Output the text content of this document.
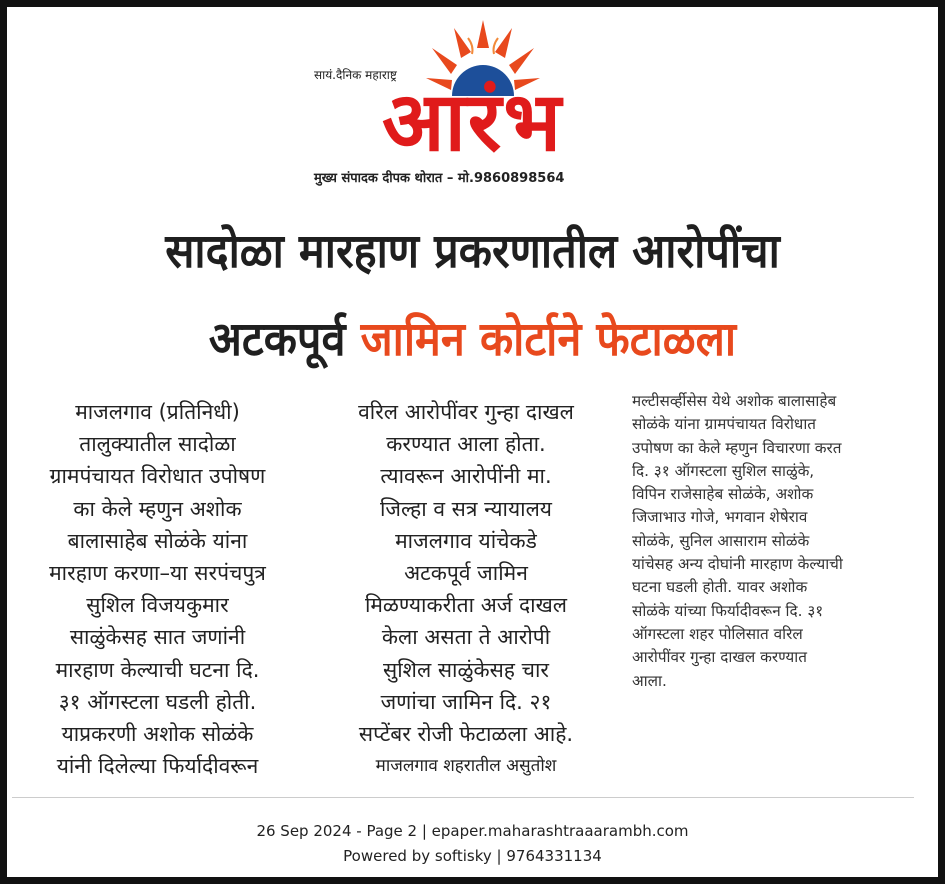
सायं.दैनिक महाराष्ट्र
आरंभ
मुख्य संपादक दीपक थोरात – मो.9860898564
सादोळा मारहाण प्रकरणातील आरोपींचा
अटकपूर्व जामिन कोर्टाने फेटाळला

माजलगाव (प्रतिनिधी)

तालुक्यातील सादोळा

ग्रामपंचायत विरोधात उपोषण

का केले म्हणुन अशोक

बालासाहेब सोळंके यांना

मारहाण करणा–या सरपंचपुत्र

सुशिल विजयकुमार

साळुंकेसह सात जणांनी

मारहाण केल्याची घटना दि.

३१ ऑगस्टला घडली होती.

याप्रकरणी अशोक सोळंके

यांनी दिलेल्या फिर्यादीवरून

वरिल आरोपींवर गुन्हा दाखल

करण्यात आला होता.

त्यावरून आरोपींनी मा.

जिल्हा व सत्र न्यायालय

माजलगाव यांचेकडे

अटकपूर्व जामिन

मिळण्याकरीता अर्ज दाखल

केला असता ते आरोपी

सुशिल साळुंकेसह चार

जणांचा जामिन दि. २१

सप्टेंबर रोजी फेटाळला आहे.

माजलगाव शहरातील असुतोश

मल्टीसर्व्हीसेस येथे अशोक बालासाहेब

सोळंके यांना ग्रामपंचायत विरोधात

उपोषण का केले म्हणुन विचारणा करत

दि. ३१ ऑगस्टला सुशिल साळुंके,

विपिन राजेसाहेब सोळंके, अशोक

जिजाभाउ गोजे, भगवान शेषेराव

सोळंके, सुनिल आसाराम सोळंके

यांचेसह अन्य दोघांनी मारहाण केल्याची

घटना घडली होती. यावर अशोक

सोळंके यांच्या फिर्यादीवरून दि. ३१

ऑगस्टला शहर पोलिसात वरिल

आरोपींवर गुन्हा दाखल करण्यात

आला.

26 Sep 2024 - Page 2 | epaper.maharashtraaarambh.com
Powered by softisky | 9764331134
